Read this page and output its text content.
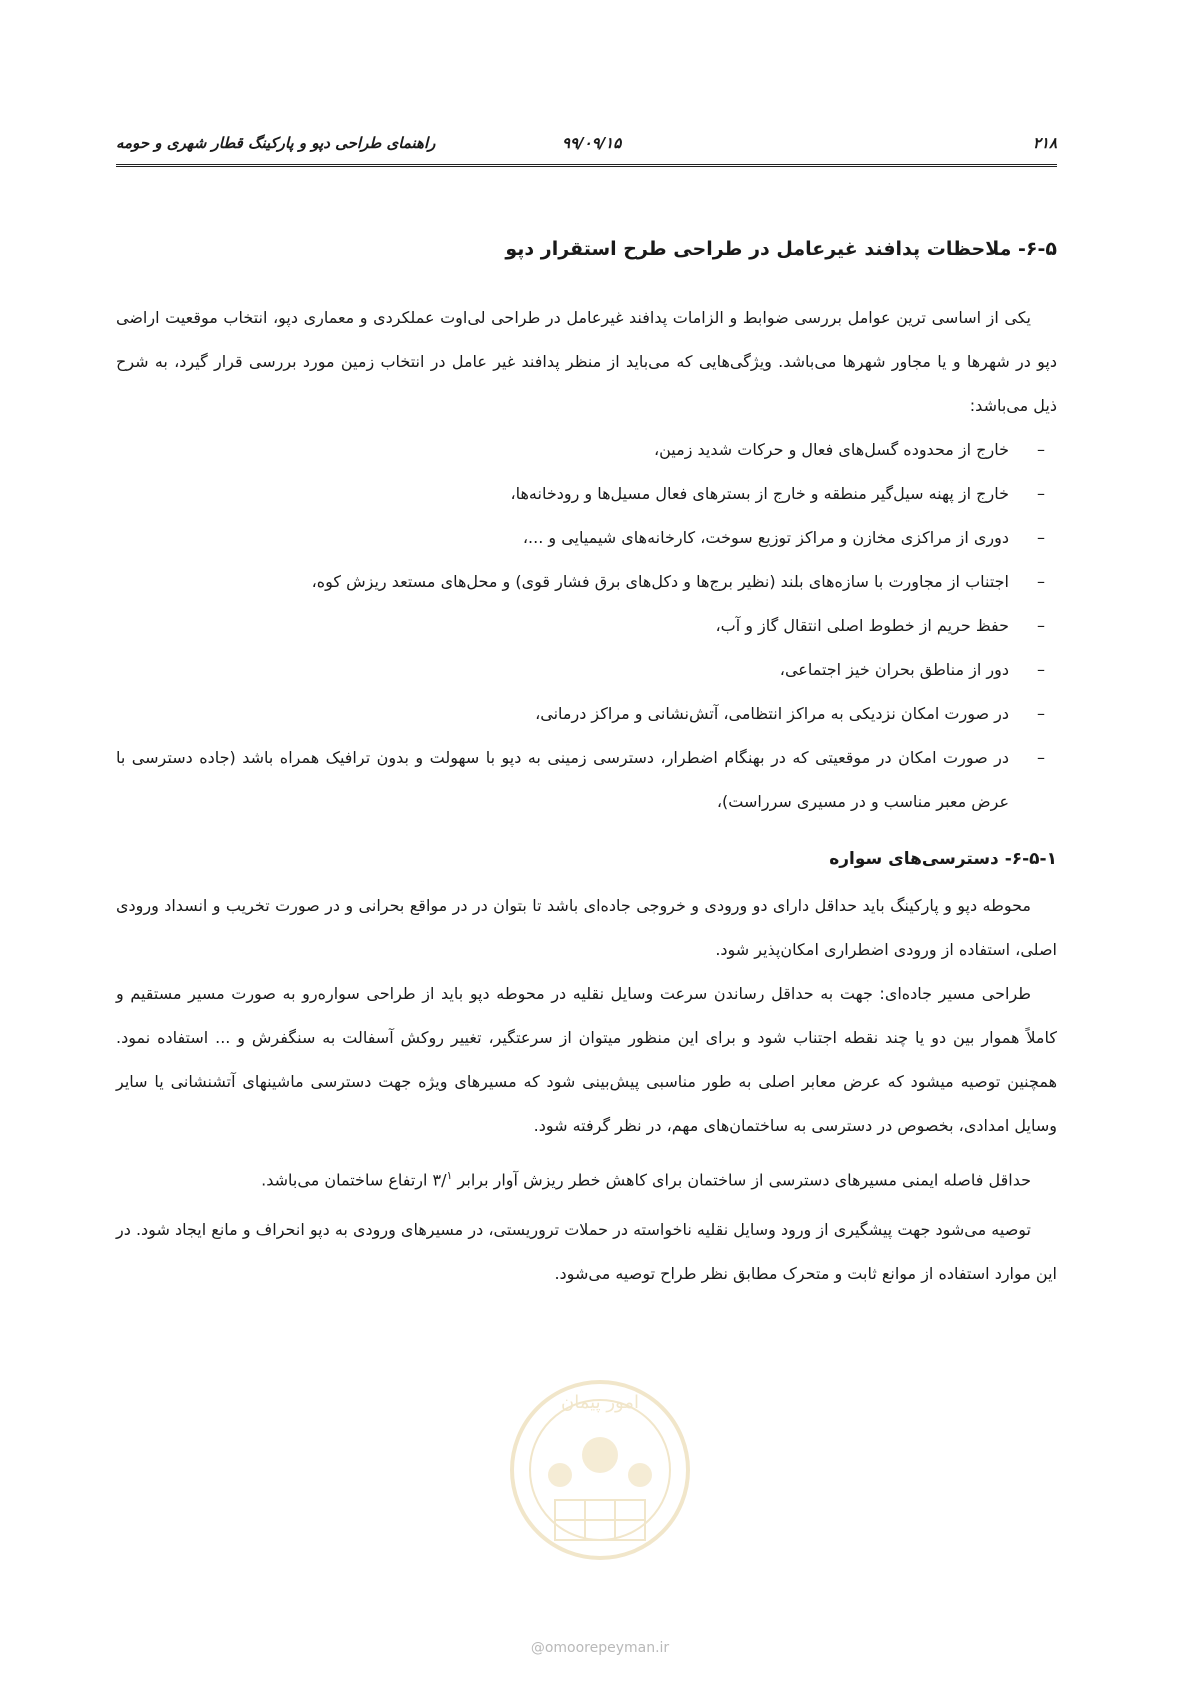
۲۱۸
۹۹/۰۹/۱۵
راهنمای طراحی دپو و پارکینگ قطار شهری و حومه
۶-۵- ملاحظات پدافند غیرعامل در طراحی طرح استقرار دپو

یکی از اساسی ترین عوامل بررسی ضوابط و الزامات پدافند غیرعامل در طراحی لی‌اوت عملکردی و معماری دپو، انتخاب موقعیت اراضی دپو در شهرها و یا مجاور شهرها می‌باشد. ویژگی‌هایی که می‌باید از منظر پدافند غیر عامل در انتخاب زمین مورد بررسی قرار گیرد، به شرح ذیل می‌باشد:

– خارج از محدوده گسل‌های فعال و حرکات شدید زمین،
– خارج از پهنه سیل‌گیر منطقه و خارج از بسترهای فعال مسیل‌ها و رودخانه‌ها،
– دوری از مراکزی مخازن و مراکز توزیع سوخت، کارخانه‌های شیمیایی و ...،
– اجتناب از مجاورت با سازه‌های بلند (نظیر برج‌ها و دکل‌های برق فشار قوی) و محل‌های مستعد ریزش کوه،
– حفظ حریم از خطوط اصلی انتقال گاز و آب،
– دور از مناطق بحران خیز اجتماعی،
– در صورت امکان نزدیکی به مراکز انتظامی، آتش‌نشانی و مراکز درمانی،
– در صورت امکان در موقعیتی که در بهنگام اضطرار، دسترسی زمینی به دپو با سهولت و بدون ترافیک همراه باشد (جاده دسترسی با عرض معبر مناسب و در مسیری سرراست)،
۶-۵-۱- دسترسی‌های سواره

محوطه دپو و پارکینگ باید حداقل دارای دو ورودی و خروجی جاده‌ای باشد تا بتوان در در مواقع بحرانی و در صورت تخریب و انسداد ورودی اصلی، استفاده از ورودی اضطراری امکان‌پذیر شود.

طراحی مسیر جاده‌ای: جهت به حداقل رساندن سرعت وسایل نقلیه در محوطه دپو باید از طراحی سواره‌رو به صورت مسیر مستقیم و کاملاً هموار بین دو یا چند نقطه اجتناب شود و برای این منظور میتوان از سرعتگیر، تغییر روکش آسفالت به سنگفرش و ... استفاده نمود. همچنین توصیه میشود که عرض معابر اصلی به طور مناسبی پیش‌بینی شود که مسیرهای ویژه جهت دسترسی ماشینهای آتشنشانی یا سایر وسایل امدادی، بخصوص در دسترسی به ساختمان‌های مهم، در نظر گرفته شود.

حداقل فاصله ایمنی مسیرهای دسترسی از ساختمان برای کاهش خطر ریزش آوار برابر ۳/$^۱$ ارتفاع ساختمان می‌باشد.

توصیه می‌شود جهت پیشگیری از ورود وسایل نقلیه ناخواسته در حملات تروریستی، در مسیرهای ورودی به دپو انحراف و مانع ایجاد شود. در این موارد استفاده از موانع ثابت و متحرک مطابق نظر طراح توصیه می‌شود.

امور پیمان
@omoorepeyman.ir
